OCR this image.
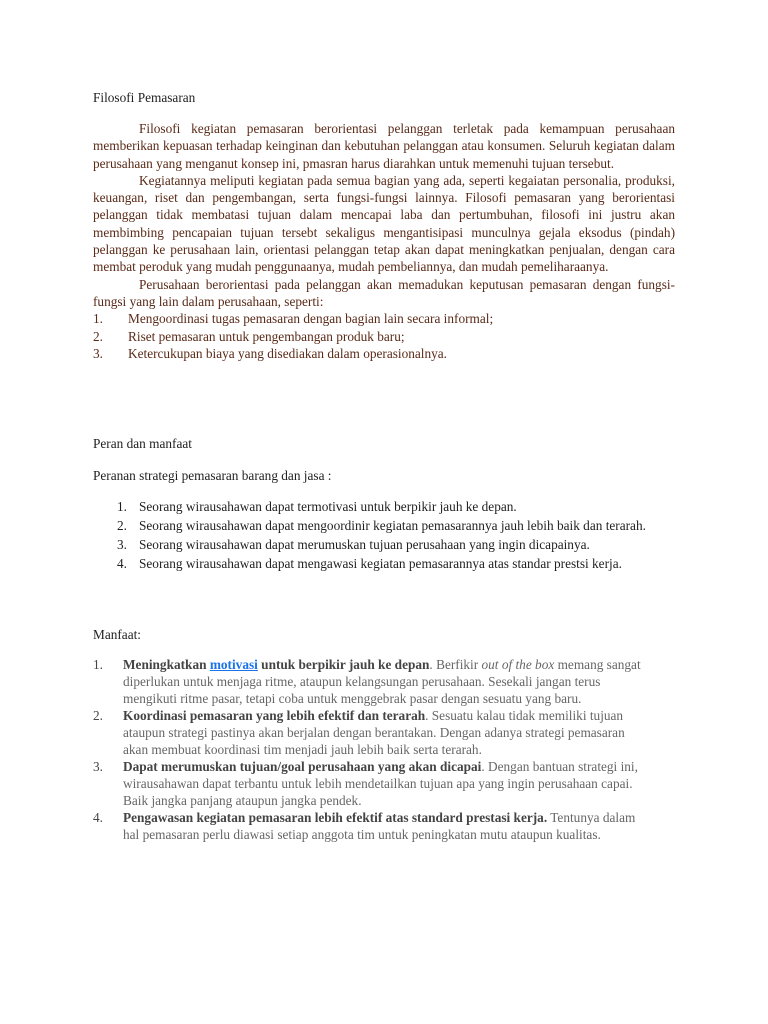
Filosofi Pemasaran

Filosofi kegiatan pemasaran berorientasi pelanggan terletak pada kemampuan perusahaan memberikan kepuasan terhadap keinginan dan kebutuhan pelanggan atau konsumen. Seluruh kegiatan dalam perusahaan yang menganut konsep ini, pmasran harus diarahkan untuk memenuhi tujuan tersebut.

Kegiatannya meliputi kegiatan pada semua bagian yang ada, seperti kegaiatan personalia, produksi, keuangan, riset dan pengembangan, serta fungsi-fungsi lainnya. Filosofi pemasaran yang berorientasi pelanggan tidak membatasi tujuan dalam mencapai laba dan pertumbuhan, filosofi ini justru akan membimbing pencapaian tujuan tersebt sekaligus mengantisipasi munculnya gejala eksodus (pindah) pelanggan ke perusahaan lain, orientasi pelanggan tetap akan dapat meningkatkan penjualan, dengan cara membat peroduk yang mudah penggunaanya, mudah pembeliannya, dan mudah pemeliharaanya.

Perusahaan berorientasi pada pelanggan akan memadukan keputusan pemasaran dengan fungsi-fungsi yang lain dalam perusahaan, seperti:

1.	Mengoordinasi tugas pemasaran dengan bagian lain secara informal;
2.	Riset pemasaran untuk pengembangan produk baru;
3.	Ketercukupan biaya yang disediakan dalam operasionalnya.
Peran dan manfaat
Peranan strategi pemasaran barang dan jasa :
1. Seorang wirausahawan dapat termotivasi untuk berpikir jauh ke depan.
2. Seorang wirausahawan dapat mengoordinir kegiatan pemasarannya jauh lebih baik dan terarah.
3. Seorang wirausahawan dapat merumuskan tujuan perusahaan yang ingin dicapainya.
4. Seorang wirausahawan dapat mengawasi kegiatan pemasarannya atas standar prestsi kerja.
Manfaat:
1.	Meningkatkan motivasi untuk berpikir jauh ke depan. Berfikir out of the box memang sangat diperlukan untuk menjaga ritme, ataupun kelangsungan perusahaan. Sesekali jangan terus mengikuti ritme pasar, tetapi coba untuk menggebrak pasar dengan sesuatu yang baru.
2.	Koordinasi pemasaran yang lebih efektif dan terarah. Sesuatu kalau tidak memiliki tujuan ataupun strategi pastinya akan berjalan dengan berantakan. Dengan adanya strategi pemasaran akan membuat koordinasi tim menjadi jauh lebih baik serta terarah.
3.	Dapat merumuskan tujuan/goal perusahaan yang akan dicapai. Dengan bantuan strategi ini, wirausahawan dapat terbantu untuk lebih mendetailkan tujuan apa yang ingin perusahaan capai. Baik jangka panjang ataupun jangka pendek.
4.	Pengawasan kegiatan pemasaran lebih efektif atas standard prestasi kerja. Tentunya dalam hal pemasaran perlu diawasi setiap anggota tim untuk peningkatan mutu ataupun kualitas.
